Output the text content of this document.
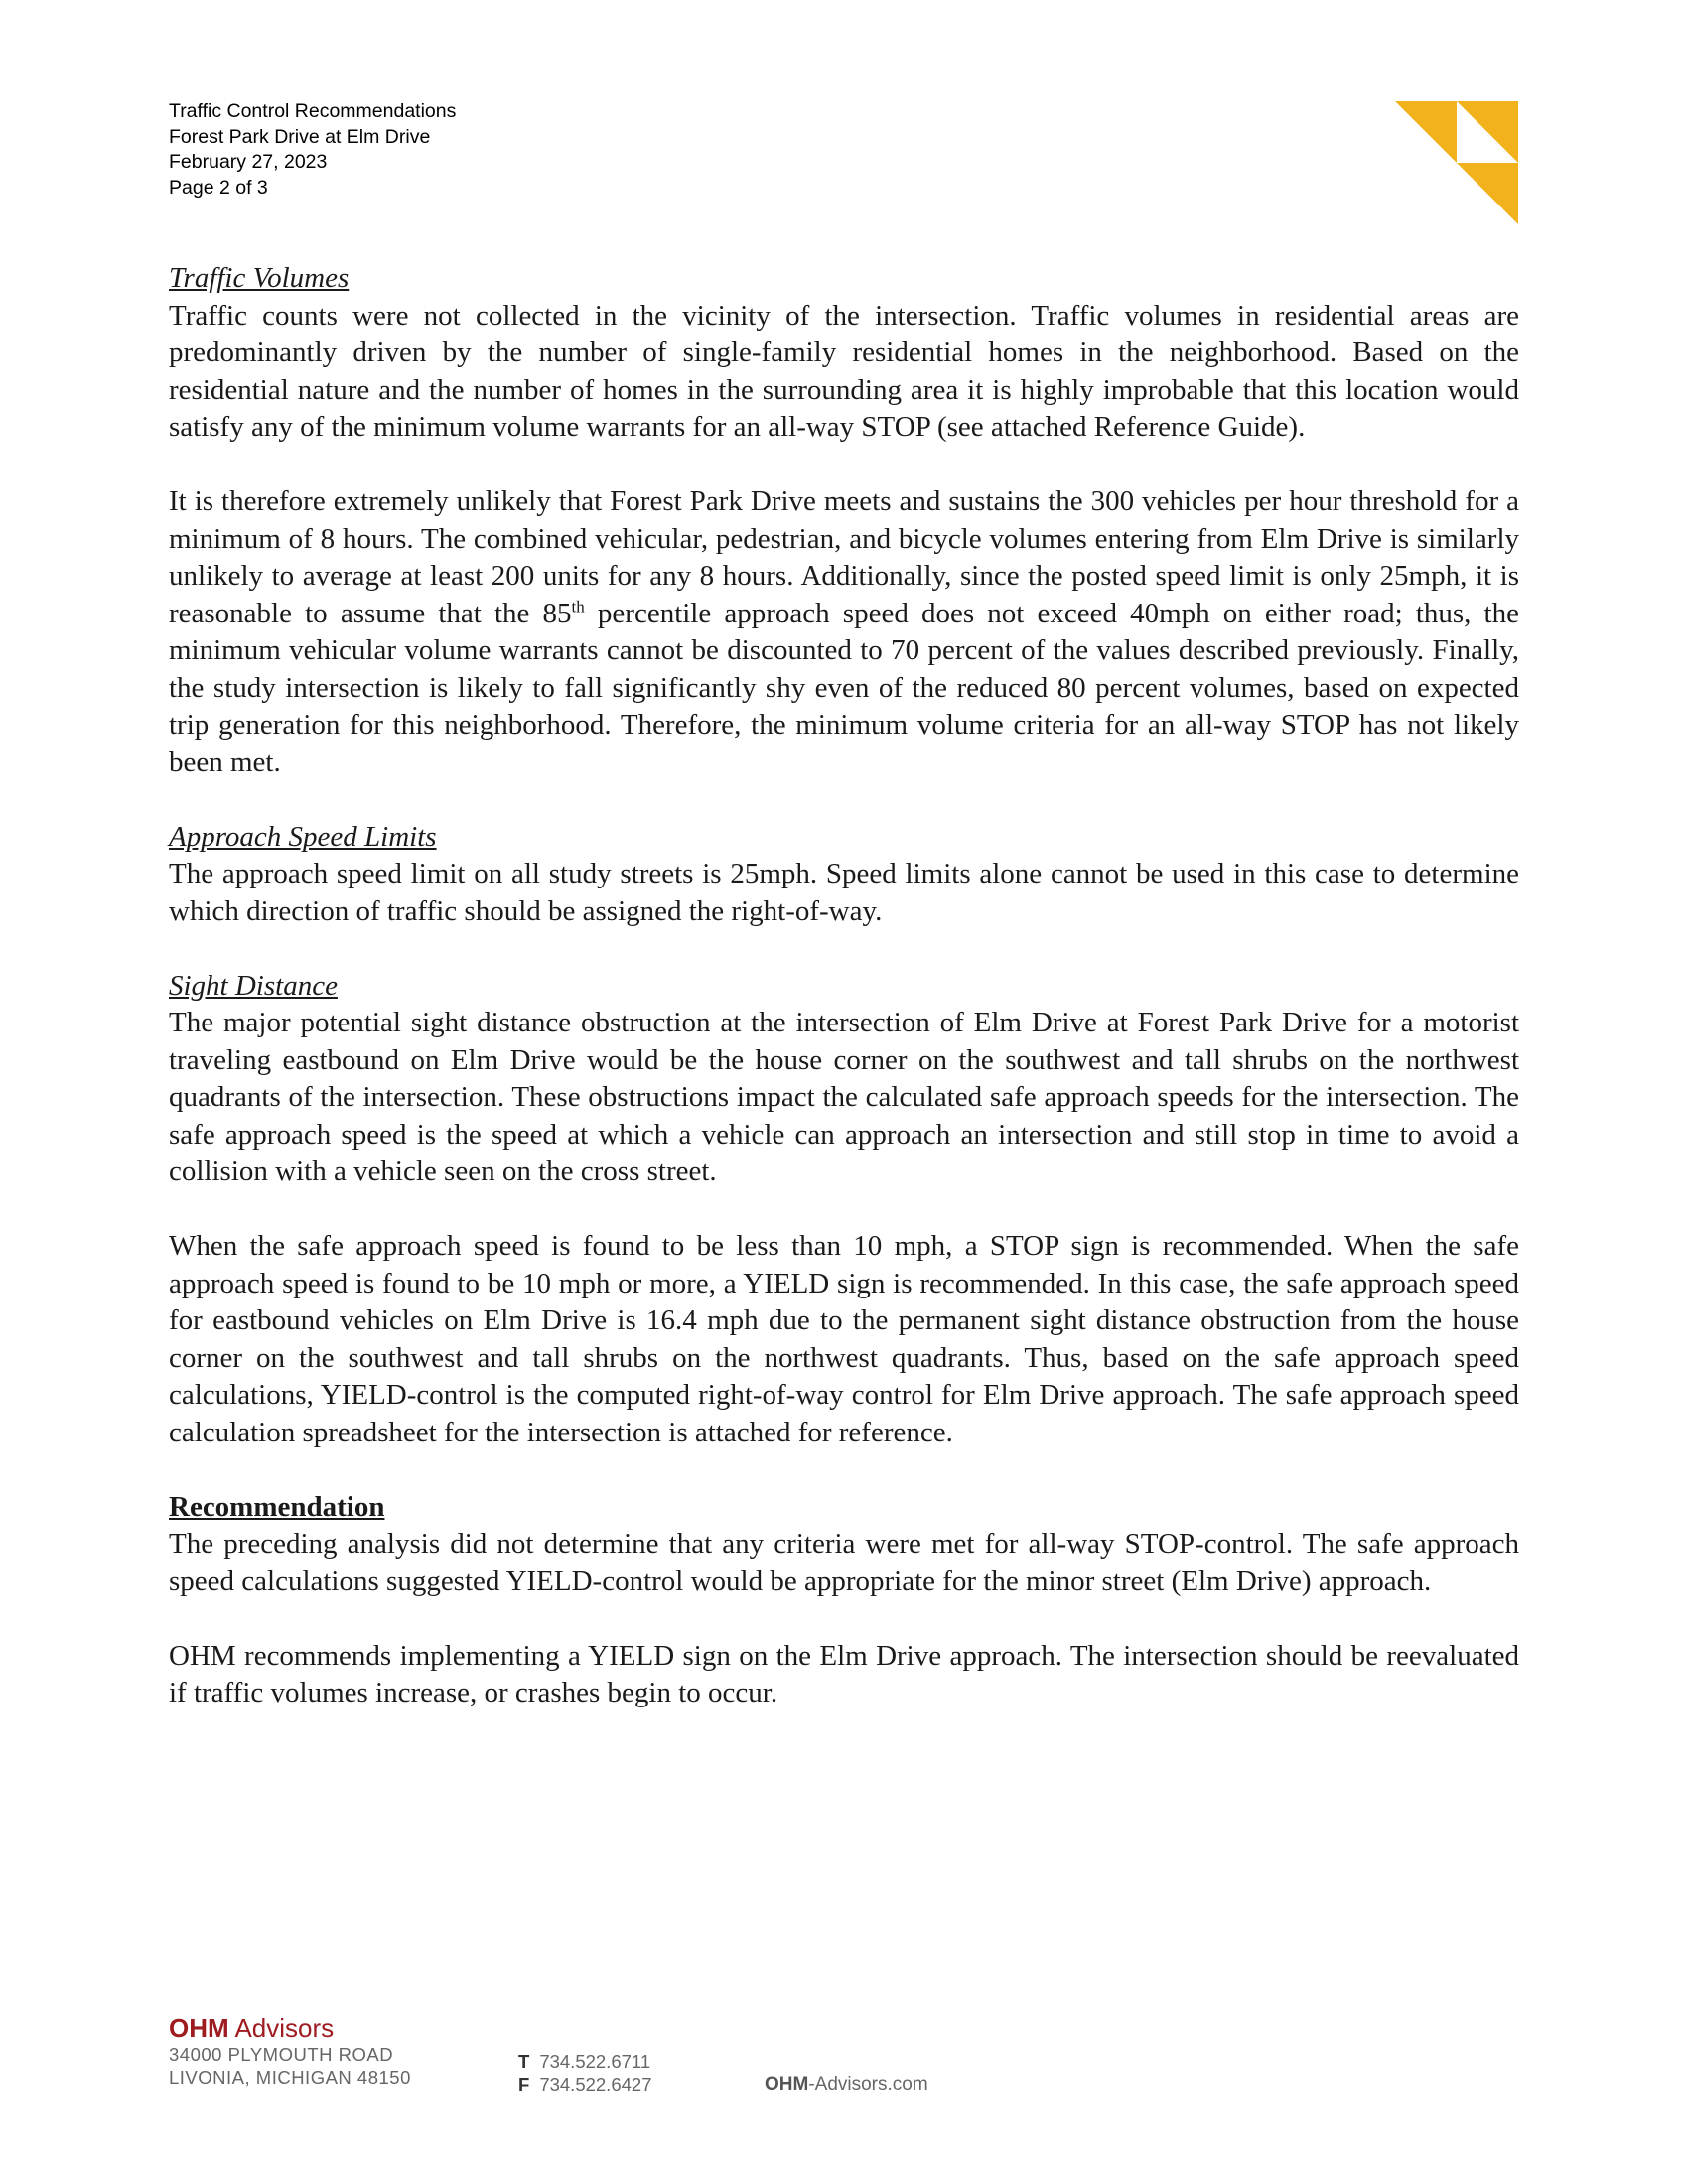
Traffic Control Recommendations
Forest Park Drive at Elm Drive
February 27, 2023
Page 2 of 3
Traffic Volumes

Traffic counts were not collected in the vicinity of the intersection. Traffic volumes in residential areas are predominantly driven by the number of single-family residential homes in the neighborhood. Based on the residential nature and the number of homes in the surrounding area it is highly improbable that this location would satisfy any of the minimum volume warrants for an all-way STOP (see attached Reference Guide).

It is therefore extremely unlikely that Forest Park Drive meets and sustains the 300 vehicles per hour threshold for a minimum of 8 hours. The combined vehicular, pedestrian, and bicycle volumes entering from Elm Drive is similarly unlikely to average at least 200 units for any 8 hours. Additionally, since the posted speed limit is only 25mph, it is reasonable to assume that the 85th percentile approach speed does not exceed 40mph on either road; thus, the minimum vehicular volume warrants cannot be discounted to 70 percent of the values described previously. Finally, the study intersection is likely to fall significantly shy even of the reduced 80 percent volumes, based on expected trip generation for this neighborhood. Therefore, the minimum volume criteria for an all-way STOP has not likely been met.

Approach Speed Limits

The approach speed limit on all study streets is 25mph. Speed limits alone cannot be used in this case to determine which direction of traffic should be assigned the right-of-way.

Sight Distance

The major potential sight distance obstruction at the intersection of Elm Drive at Forest Park Drive for a motorist traveling eastbound on Elm Drive would be the house corner on the southwest and tall shrubs on the northwest quadrants of the intersection. These obstructions impact the calculated safe approach speeds for the intersection. The safe approach speed is the speed at which a vehicle can approach an intersection and still stop in time to avoid a collision with a vehicle seen on the cross street.

When the safe approach speed is found to be less than 10 mph, a STOP sign is recommended. When the safe approach speed is found to be 10 mph or more, a YIELD sign is recommended. In this case, the safe approach speed for eastbound vehicles on Elm Drive is 16.4 mph due to the permanent sight distance obstruction from the house corner on the southwest and tall shrubs on the northwest quadrants. Thus, based on the safe approach speed calculations, YIELD-control is the computed right-of-way control for Elm Drive approach. The safe approach speed calculation spreadsheet for the intersection is attached for reference.

Recommendation

The preceding analysis did not determine that any criteria were met for all-way STOP-control. The safe approach speed calculations suggested YIELD-control would be appropriate for the minor street (Elm Drive) approach.

OHM recommends implementing a YIELD sign on the Elm Drive approach. The intersection should be reevaluated if traffic volumes increase, or crashes begin to occur.

OHM Advisors
34000 PLYMOUTH ROAD
LIVONIA, MICHIGAN 48150
T 734.522.6711
F 734.522.6427	OHM-Advisors.com
